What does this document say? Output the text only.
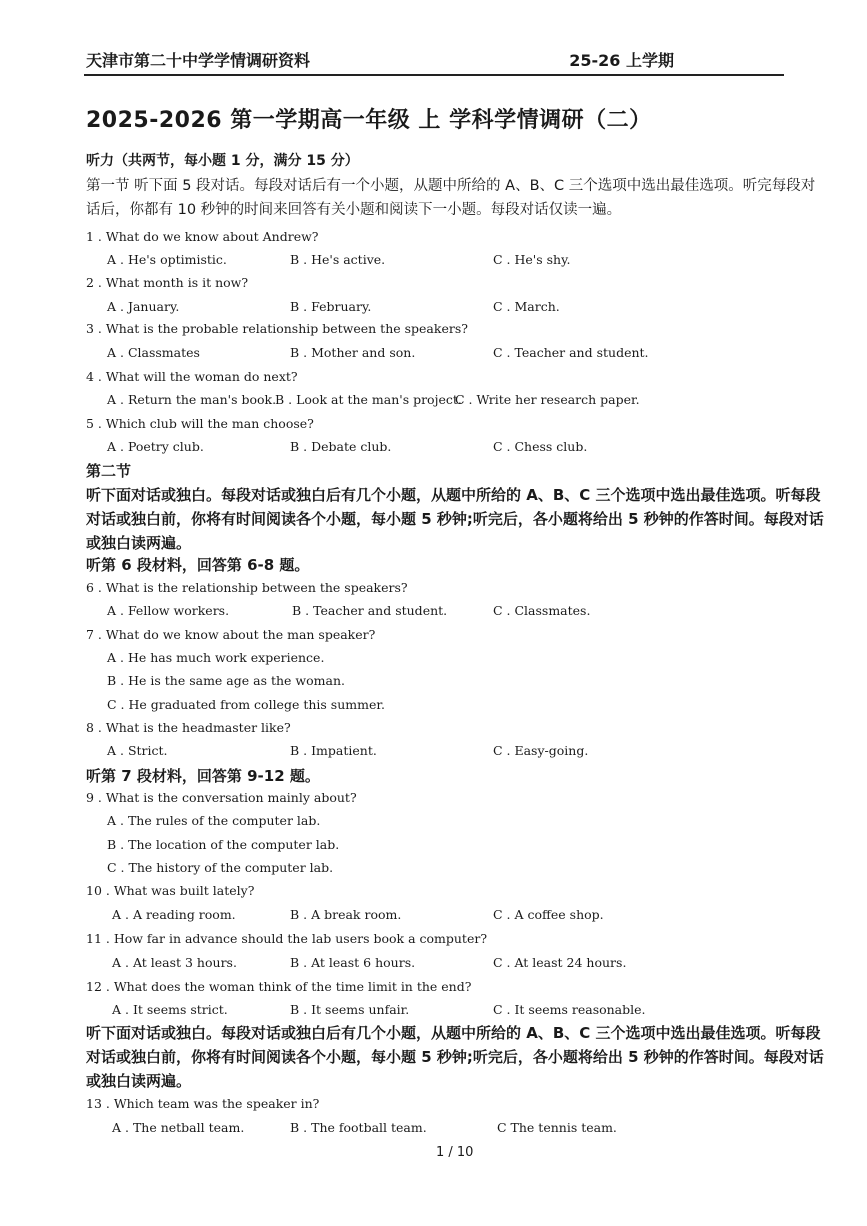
天津市第二十中学学情调研资料	25-26 上学期
2025-2026 第一学期高一年级 上 学科学情调研（二）
听力（共两节，每小题 1 分，满分 15 分）
第一节 听下面 5 段对话。每段对话后有一个小题，从题中所给的 A、B、C 三个选项中选出最佳选项。听完每段对话后，你都有 10 秒钟的时间来回答有关小题和阅读下一小题。每段对话仅读一遍。
1 . What do we know about Andrew?
A . He's optimistic.	B . He's active.	C . He's shy.
2 . What month is it now?
A . January.	B . February.	C . March.
3 . What is the probable relationship between the speakers?
A . Classmates	B . Mother and son.	C . Teacher and student.
4 . What will the woman do next?
A . Return the man's book.
B . Look at the man's project.
C . Write her research paper.
5 . Which club will the man choose?
A . Poetry club.	B . Debate club.	C . Chess club.
第二节
听下面对话或独白。每段对话或独白后有几个小题，从题中所给的 A、B、C 三个选项中选出最佳选项。听每段对话或独白前，你将有时间阅读各个小题，每小题 5 秒钟;听完后，各小题将给出 5 秒钟的作答时间。每段对话或独白读两遍。
听第 6 段材料，回答第 6-8 题。
6 . What is the relationship between the speakers?
A . Fellow workers.	B . Teacher and student.	C . Classmates.
7 . What do we know about the man speaker?
A . He has much work experience.
B . He is the same age as the woman.
C . He graduated from college this summer.
8 . What is the headmaster like?
A . Strict.	B . Impatient.	C . Easy-going.
听第 7 段材料，回答第 9-12 题。
9 . What is the conversation mainly about?
A . The rules of the computer lab.
B . The location of the computer lab.
C . The history of the computer lab.
10 . What was built lately?
A . A reading room.	B . A break room.	C . A coffee shop.
11 . How far in advance should the lab users book a computer?
A . At least 3 hours.	B . At least 6 hours.	C . At least 24 hours.
12 . What does the woman think of the time limit in the end?
A . It seems strict.	B . It seems unfair.	C . It seems reasonable.
听下面对话或独白。每段对话或独白后有几个小题，从题中所给的 A、B、C 三个选项中选出最佳选项。听每段对话或独白前，你将有时间阅读各个小题，每小题 5 秒钟;听完后，各小题将给出 5 秒钟的作答时间。每段对话或独白读两遍。
13 . Which team was the speaker in?
A . The netball team.	B . The football team.	C The tennis team.
1 / 10
